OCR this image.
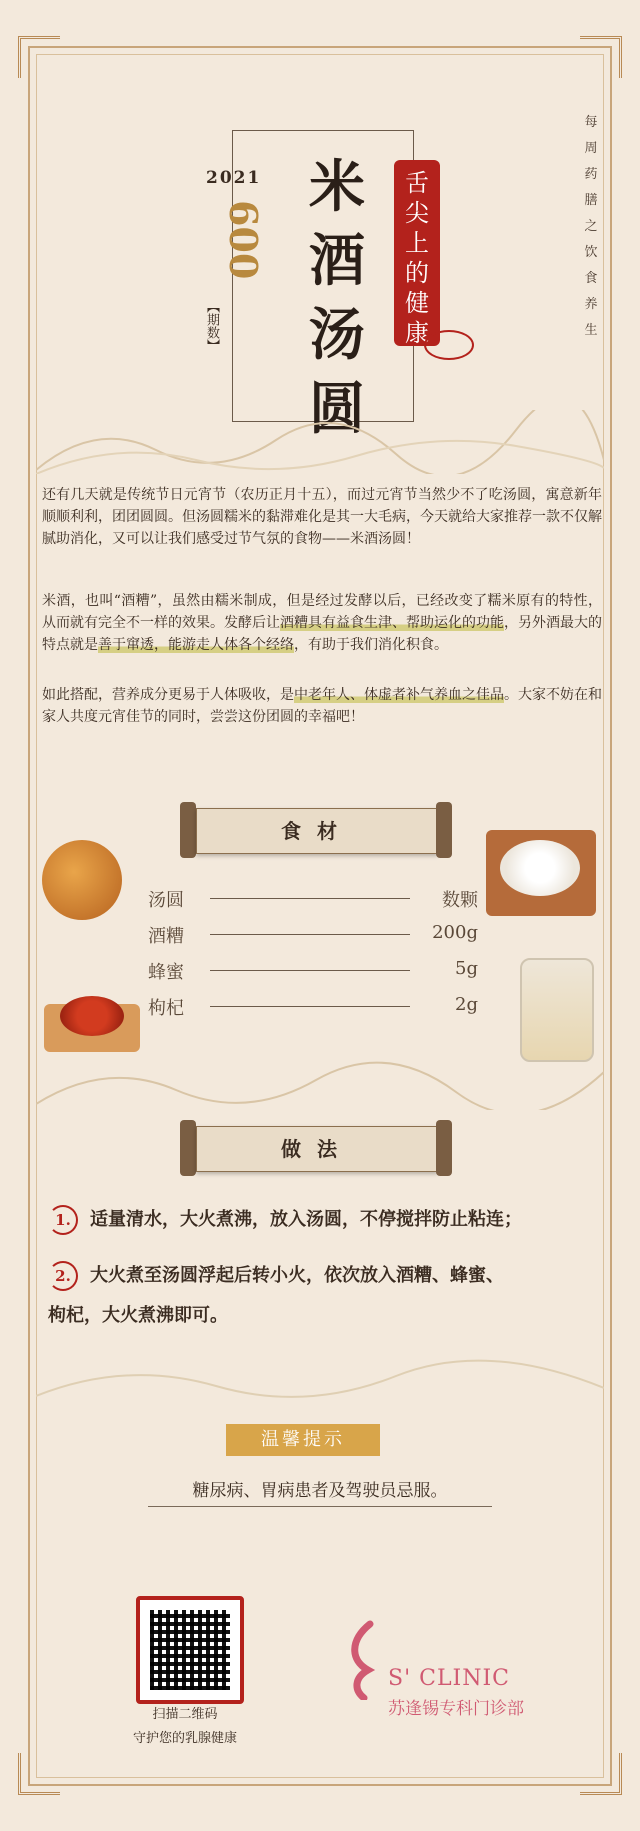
2021
009
【期数】
米酒汤圆
舌尖上的健康
每周药膳之饮食养生
还有几天就是传统节日元宵节（农历正月十五），而过元宵节当然少不了吃汤圆，寓意新年顺顺利利，团团圆圆。但汤圆糯米的黏滞难化是其一大毛病，今天就给大家推荐一款不仅解腻助消化，又可以让我们感受过节气氛的食物——米酒汤圆！
米酒，也叫“酒糟”，虽然由糯米制成，但是经过发酵以后，已经改变了糯米原有的特性，从而就有完全不一样的效果。发酵后让酒糟具有益食生津、帮助运化的功能，另外酒最大的特点就是善于窜透，能游走人体各个经络，有助于我们消化积食。
如此搭配，营养成分更易于人体吸收，是中老年人、体虚者补气养血之佳品。大家不妨在和家人共度元宵佳节的同时，尝尝这份团圆的幸福吧！
食材
汤圆	数颗
酒糟	200g
蜂蜜	5g
枸杞	2g
做法
1. 适量清水，大火煮沸，放入汤圆，不停搅拌防止粘连；
2. 大火煮至汤圆浮起后转小火，依次放入酒糟、蜂蜜、
枸杞，大火煮沸即可。
温馨提示
糖尿病、胃病患者及驾驶员忌服。
扫描二维码
守护您的乳腺健康
S' CLINIC
苏逢锡专科门诊部
